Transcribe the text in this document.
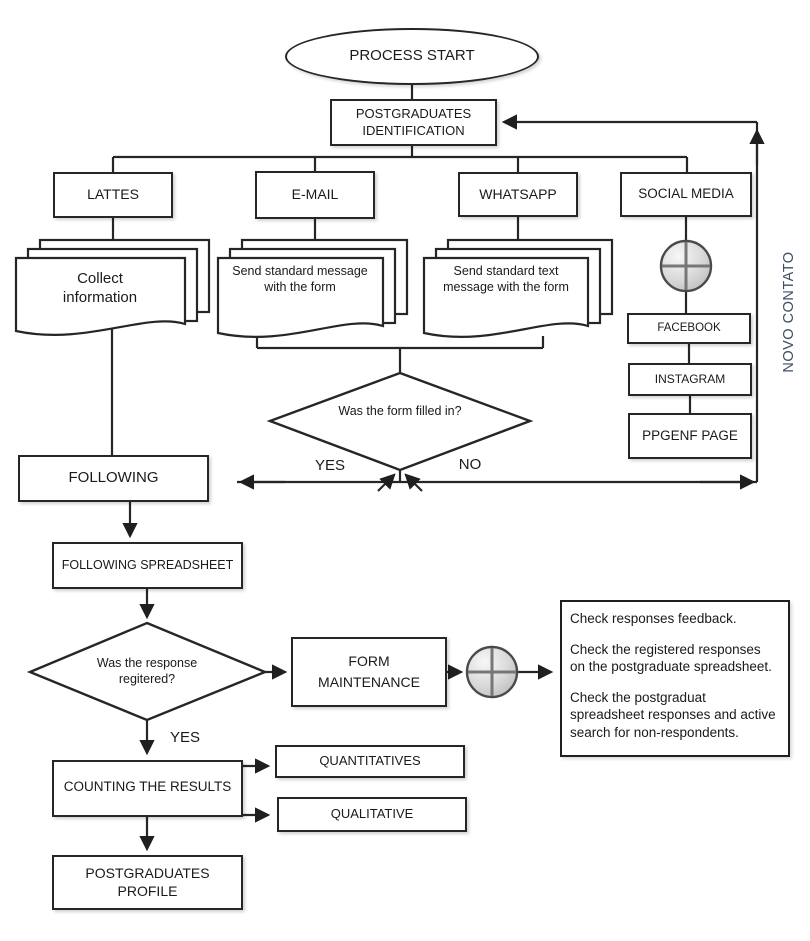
PROCESS START
POSTGRADUATES IDENTIFICATION
LATTES	E-MAIL	WHATSAPP	SOCIAL MEDIA
Collect information
Send standard message with the form
Send standard text message with the form
FACEBOOK
INSTAGRAM
PPGENF PAGE
Was the form filled in?
YES	NO
NOVO CONTATO
FOLLOWING
FOLLOWING SPREADSHEET
Was the response regitered?
YES
FORM MAINTENANCE

Check responses feedback.

Check the registered responses on the postgraduate spreadsheet.

Check the postgraduat spreadsheet responses and active search for non-respondents.

COUNTING THE RESULTS
QUANTITATIVES
QUALITATIVE
POSTGRADUATES PROFILE
